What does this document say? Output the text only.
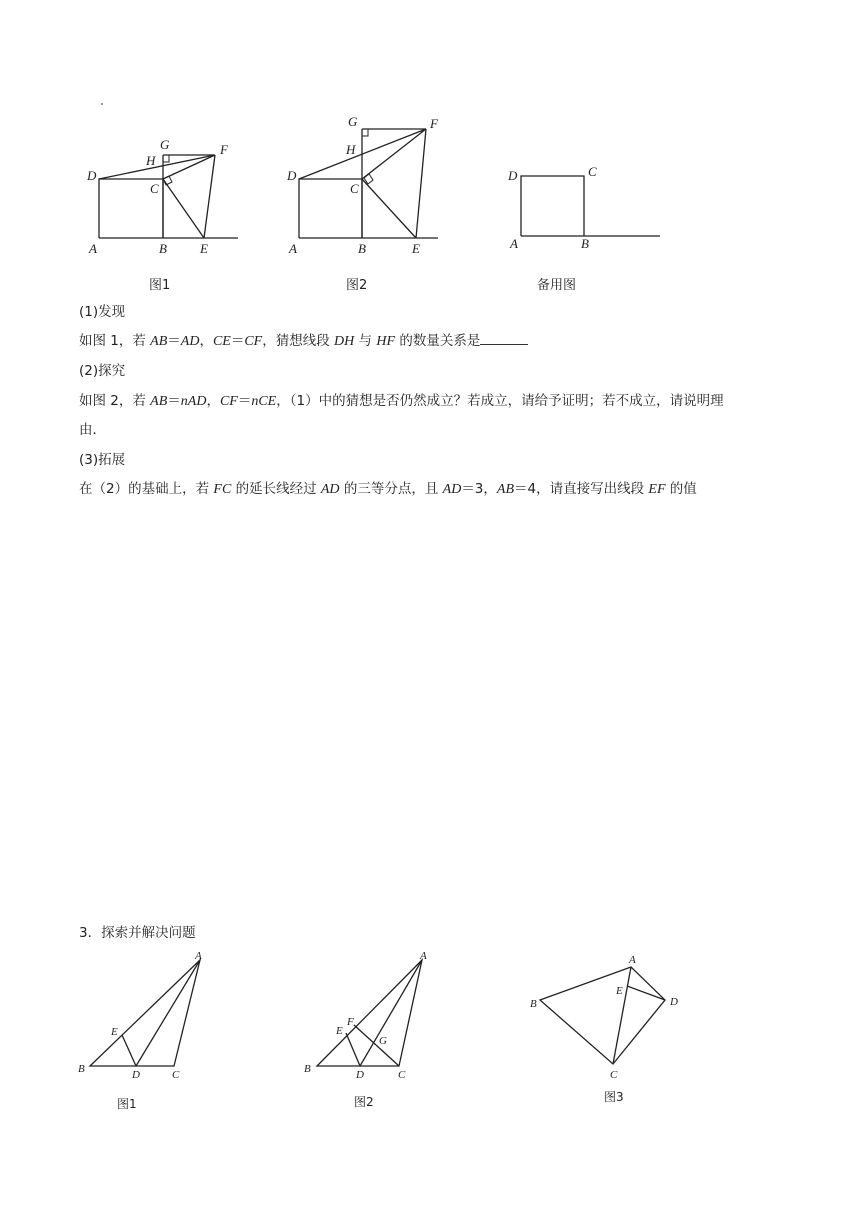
G
H
F
D
C
A	B	E
图1
G	F
H
D
C
A	B	E
图2
D	C
A	B
备用图
(1)发现
如图 1，若 AB＝AD，CE＝CF，猜想线段 DH 与 HF 的数量关系是
(2)探究
如图 2，若 AB＝nAD，CF＝nCE，（1）中的猜想是否仍然成立？若成立，请给予证明；若不成立，请说明理
由．
(3)拓展
在（2）的基础上，若 FC 的延长线经过 AD 的三等分点，且 AD＝3，AB＝4，请直接写出线段 EF 的值
3．探索并解决问题
A
E
B	D	C
图1
A
F
E
G
B	D	C
图2
A
E
D
B
C
图3
